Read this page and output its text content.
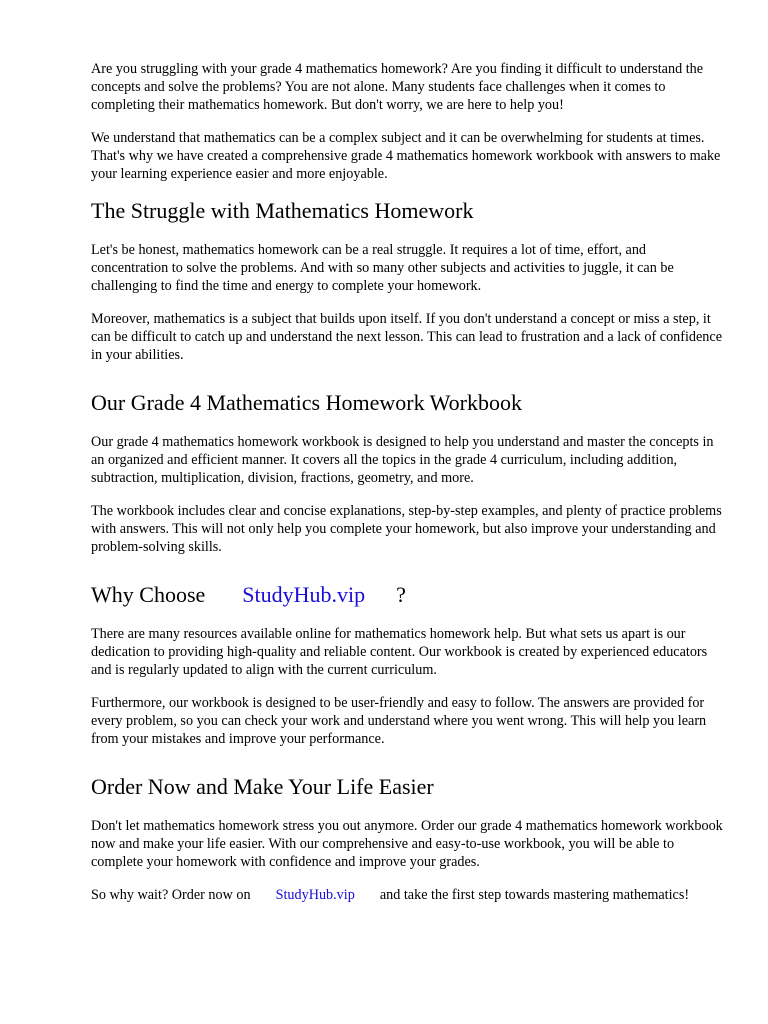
Are you struggling with your grade 4 mathematics homework? Are you finding it difficult to understand the concepts and solve the problems? You are not alone. Many students face challenges when it comes to completing their mathematics homework. But don't worry, we are here to help you!

We understand that mathematics can be a complex subject and it can be overwhelming for students at times. That's why we have created a comprehensive grade 4 mathematics homework workbook with answers to make your learning experience easier and more enjoyable.

The Struggle with Mathematics Homework

Let's be honest, mathematics homework can be a real struggle. It requires a lot of time, effort, and concentration to solve the problems. And with so many other subjects and activities to juggle, it can be challenging to find the time and energy to complete your homework.

Moreover, mathematics is a subject that builds upon itself. If you don't understand a concept or miss a step, it can be difficult to catch up and understand the next lesson. This can lead to frustration and a lack of confidence in your abilities.

Our Grade 4 Mathematics Homework Workbook

Our grade 4 mathematics homework workbook is designed to help you understand and master the concepts in an organized and efficient manner. It covers all the topics in the grade 4 curriculum, including addition, subtraction, multiplication, division, fractions, geometry, and more.

The workbook includes clear and concise explanations, step-by-step examples, and plenty of practice problems with answers. This will not only help you complete your homework, but also improve your understanding and problem-solving skills.

Why Choose StudyHub.vip ?

There are many resources available online for mathematics homework help. But what sets us apart is our dedication to providing high-quality and reliable content. Our workbook is created by experienced educators and is regularly updated to align with the current curriculum.

Furthermore, our workbook is designed to be user-friendly and easy to follow. The answers are provided for every problem, so you can check your work and understand where you went wrong. This will help you learn from your mistakes and improve your performance.

Order Now and Make Your Life Easier

Don't let mathematics homework stress you out anymore. Order our grade 4 mathematics homework workbook now and make your life easier. With our comprehensive and easy-to-use workbook, you will be able to complete your homework with confidence and improve your grades.

So why wait? Order now on StudyHub.vip and take the first step towards mastering mathematics!
